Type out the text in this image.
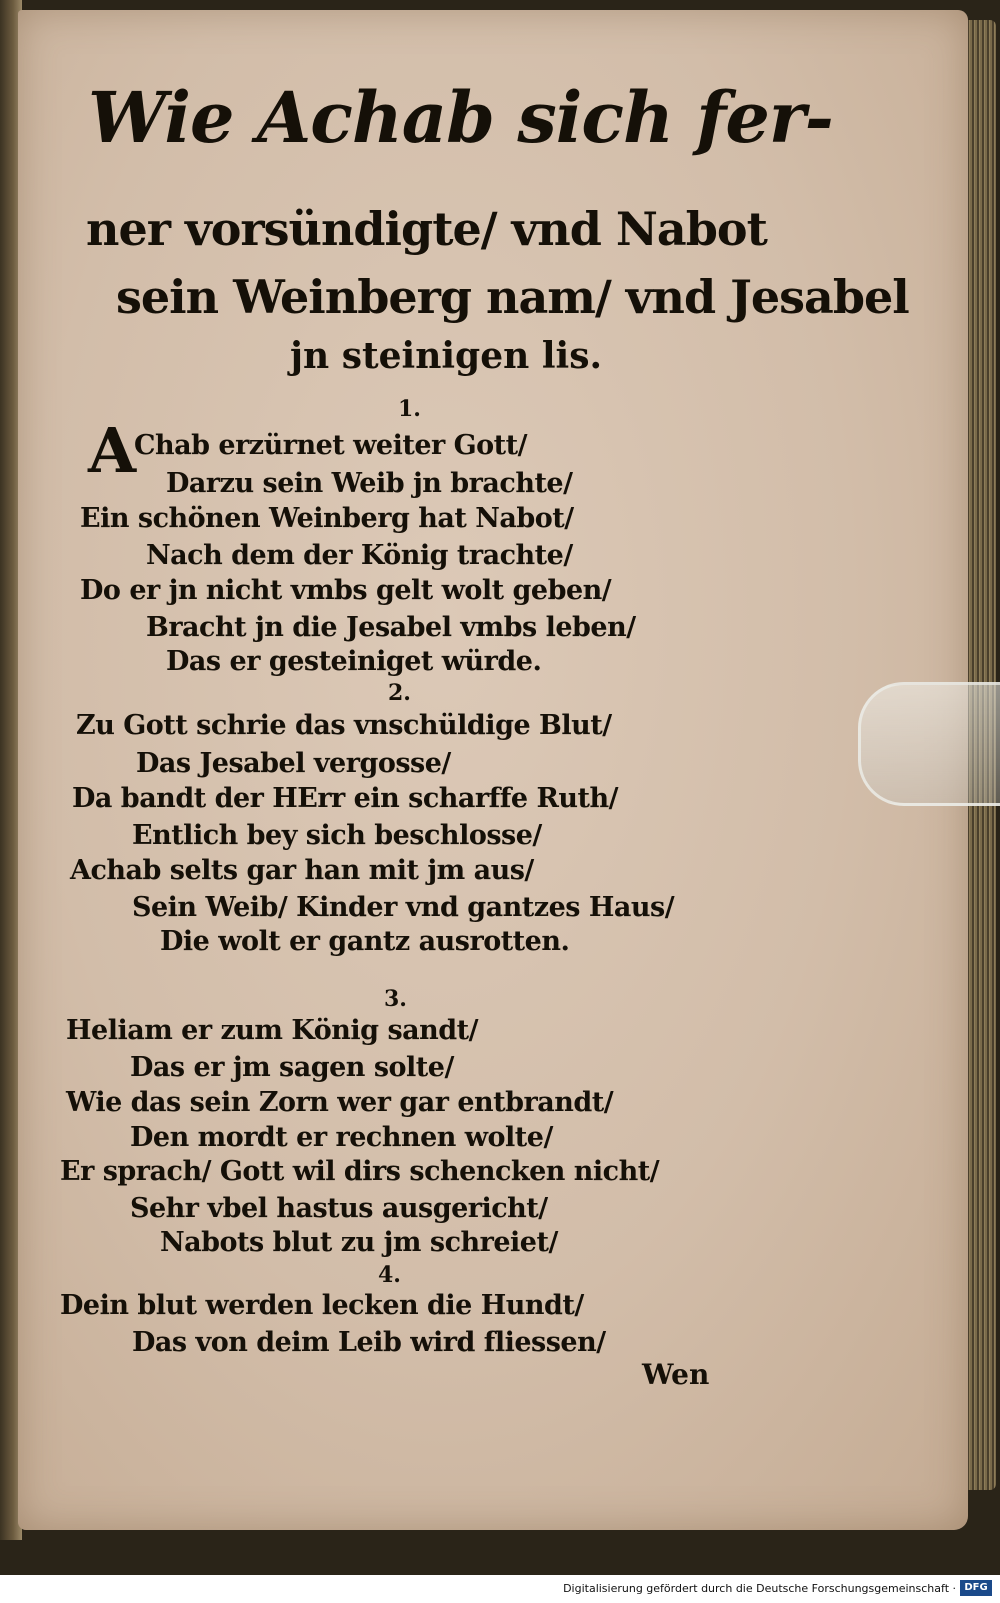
Wie Achab sich fer-
ner vorsündigte/ vnd Nabot
sein Weinberg nam/ vnd Jesabel
jn steinigen lis.
1.
A
Chab erzürnet weiter Gott/
Darzu sein Weib jn brachte/
Ein schönen Weinberg hat Nabot/
Nach dem der König trachte/
Do er jn nicht vmbs gelt wolt geben/
Bracht jn die Jesabel vmbs leben/
Das er gesteiniget würde.
2.
Zu Gott schrie das vnschüldige Blut/
Das Jesabel vergosse/
Da bandt der HErr ein scharffe Ruth/
Entlich bey sich beschlosse/
Achab selts gar han mit jm aus/
Sein Weib/ Kinder vnd gantzes Haus/
Die wolt er gantz ausrotten.
3.
Heliam er zum König sandt/
Das er jm sagen solte/
Wie das sein Zorn wer gar entbrandt/
Den mordt er rechnen wolte/
Er sprach/ Gott wil dirs schencken nicht/
Sehr vbel hastus ausgericht/
Nabots blut zu jm schreiet/
4.
Dein blut werden lecken die Hundt/
Das von deim Leib wird fliessen/
Wen
Digitalisierung gefördert durch die Deutsche Forschungsgemeinschaft · DFG
